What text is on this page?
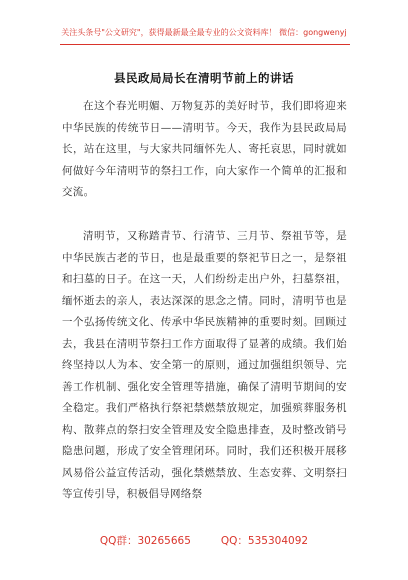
关注头条号"公文研究"，获得最新最全最专业的公文资料库！ 微信：gongwenyj
县民政局局长在清明节前上的讲话

在这个春光明媚、万物复苏的美好时节，我们即将迎来中华民族的传统节日——清明节。今天，我作为县民政局局长，站在这里，与大家共同缅怀先人、寄托哀思，同时就如何做好今年清明节的祭扫工作，向大家作一个简单的汇报和交流。

清明节，又称踏青节、行清节、三月节、祭祖节等，是中华民族古老的节日，也是最重要的祭祀节日之一，是祭祖和扫墓的日子。在这一天，人们纷纷走出户外，扫墓祭祖，缅怀逝去的亲人，表达深深的思念之情。同时，清明节也是一个弘扬传统文化、传承中华民族精神的重要时刻。回顾过去，我县在清明节祭扫工作方面取得了显著的成绩。我们始终坚持以人为本、安全第一的原则，通过加强组织领导、完善工作机制、强化安全管理等措施，确保了清明节期间的安全稳定。我们严格执行祭祀禁燃禁放规定，加强殡葬服务机构、散葬点的祭扫安全管理及安全隐患排查，及时整改销号隐患问题，形成了安全管理闭环。同时，我们还积极开展移风易俗公益宣传活动，强化禁燃禁放、生态安葬、文明祭扫等宣传引导，积极倡导网络祭

QQ群：30265665	QQ：535304092
